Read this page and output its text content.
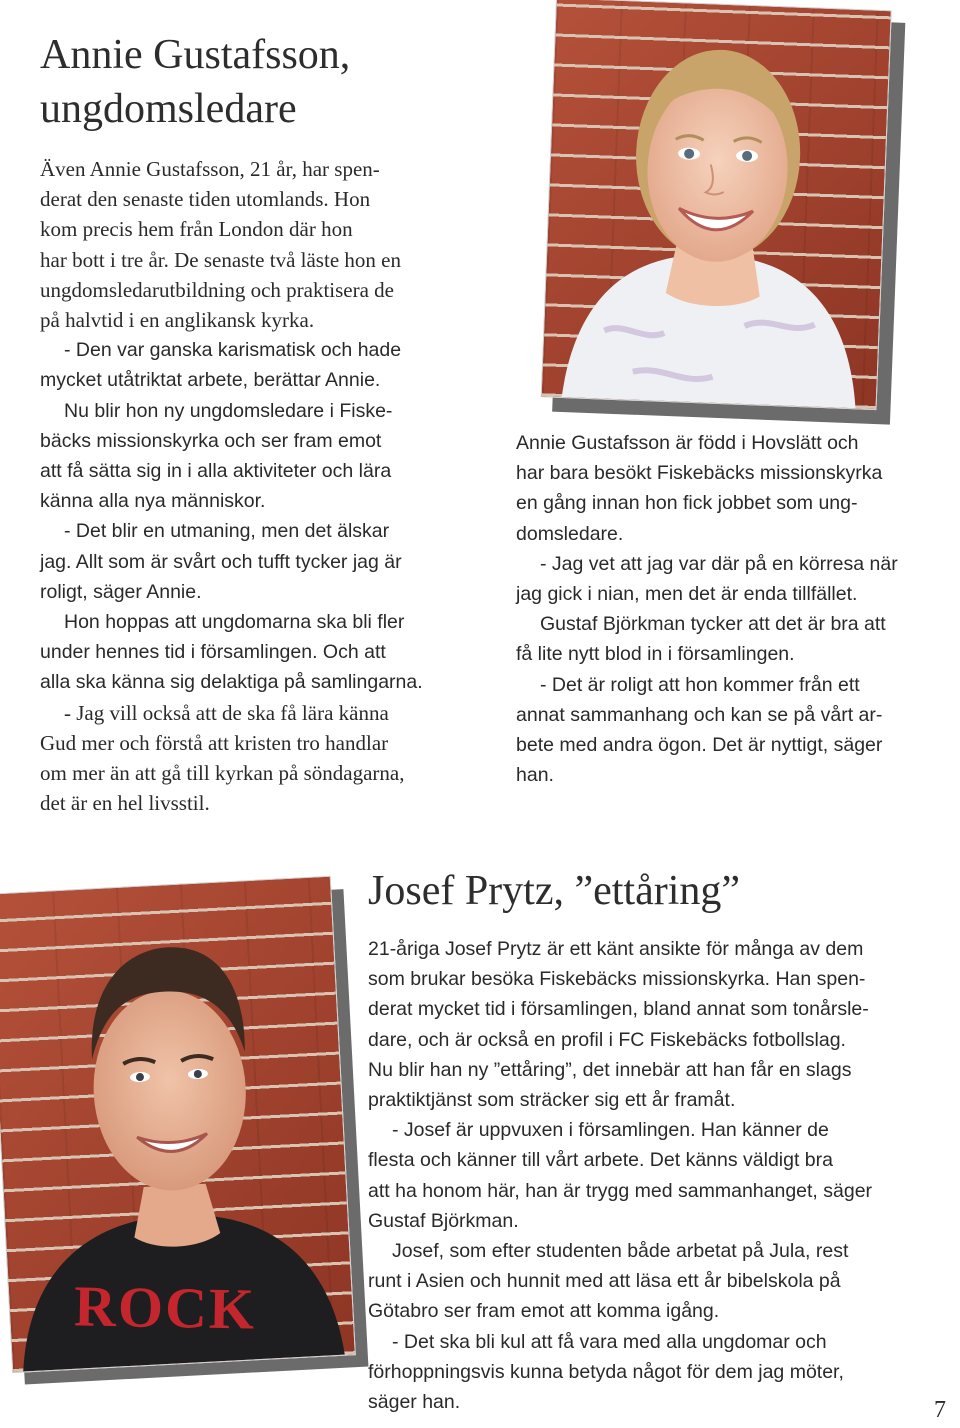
Annie Gustafsson,
ungdomsledare
Även Annie Gustafsson, 21 år, har spen-
derat den senaste tiden utomlands. Hon
kom precis hem från London där hon
har bott i tre år. De senaste två läste hon en
ungdomsledarutbildning och praktisera de
på halvtid i en anglikansk kyrka.
- Den var ganska karismatisk och hade
mycket utåtriktat arbete, berättar Annie.
Nu blir hon ny ungdomsledare i Fiske-
bäcks missionskyrka och ser fram emot
att få sätta sig in i alla aktiviteter och lära
känna alla nya människor.
- Det blir en utmaning, men det älskar
jag. Allt som är svårt och tufft tycker jag är
roligt, säger Annie.
Hon hoppas att ungdomarna ska bli fler
under hennes tid i församlingen. Och att
alla ska känna sig delaktiga på samlingarna.
- Jag vill också att de ska få lära känna
Gud mer och förstå att kristen tro handlar
om mer än att gå till kyrkan på söndagarna,
det är en hel livsstil.
Annie Gustafsson är född i Hovslätt och
har bara besökt Fiskebäcks missionskyrka
en gång innan hon fick jobbet som ung-
domsledare.
- Jag vet att jag var där på en körresa när
jag gick i nian, men det är enda tillfället.
Gustaf Björkman tycker att det är bra att
få lite nytt blod in i församlingen.
- Det är roligt att hon kommer från ett
annat sammanhang och kan se på vårt ar-
bete med andra ögon. Det är nyttigt, säger
han.
Josef Prytz, ”ettåring”
ROCK
21-åriga Josef Prytz är ett känt ansikte för många av dem
som brukar besöka Fiskebäcks missionskyrka. Han spen-
derat mycket tid i församlingen, bland annat som tonårsle-
dare, och är också en profil i FC Fiskebäcks fotbollslag.
Nu blir han ny ”ettåring”, det innebär att han får en slags
praktiktjänst som sträcker sig ett år framåt.
- Josef är uppvuxen i församlingen. Han känner de
flesta och känner till vårt arbete. Det känns väldigt bra
att ha honom här, han är trygg med sammanhanget, säger
Gustaf Björkman.
Josef, som efter studenten både arbetat på Jula, rest
runt i Asien och hunnit med att läsa ett år bibelskola på
Götabro ser fram emot att komma igång.
- Det ska bli kul att få vara med alla ungdomar och
förhoppningsvis kunna betyda något för dem jag möter,
säger han.	7
